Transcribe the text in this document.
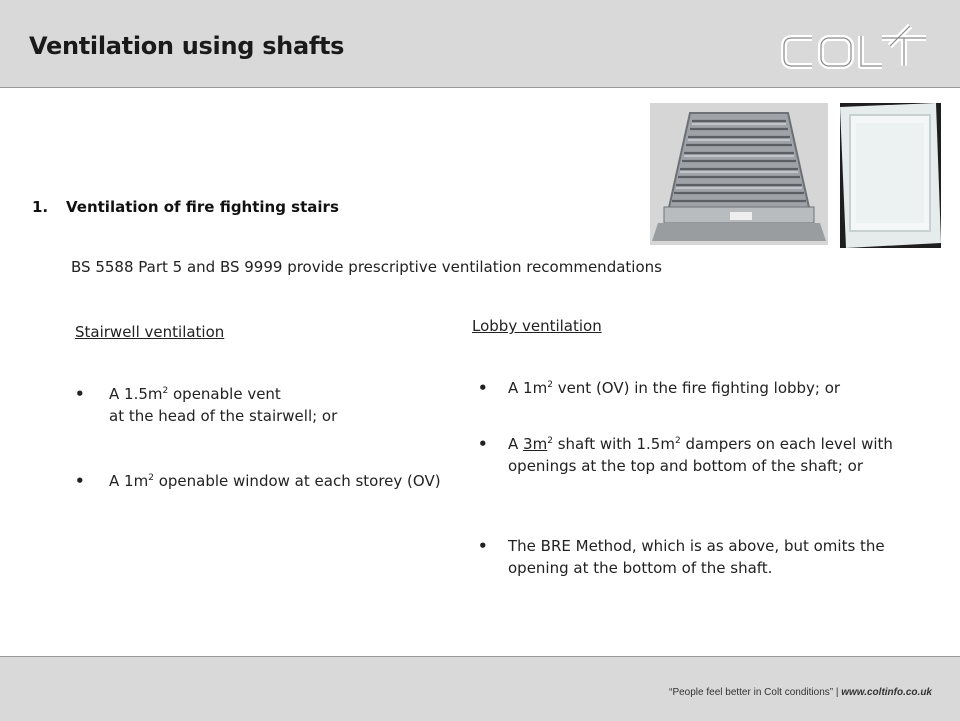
Ventilation using shafts
1. Ventilation of fire fighting stairs
BS 5588 Part 5 and BS 9999 provide prescriptive ventilation recommendations
Stairwell ventilation
•	A $1.5m^2$ openable vent
at the head of the stairwell; or
•	A $1m^2$ openable window at each storey (OV)
Lobby ventilation
•	A $1m^2$ vent (OV) in the fire fighting lobby; or
•	A $3m^2$ shaft with $1.5m^2$ dampers on each level with openings at the top and bottom of the shaft; or
•	The BRE Method, which is as above, but omits the opening at the bottom of the shaft.
“People feel better in Colt conditions” | www.coltinfo.co.uk
